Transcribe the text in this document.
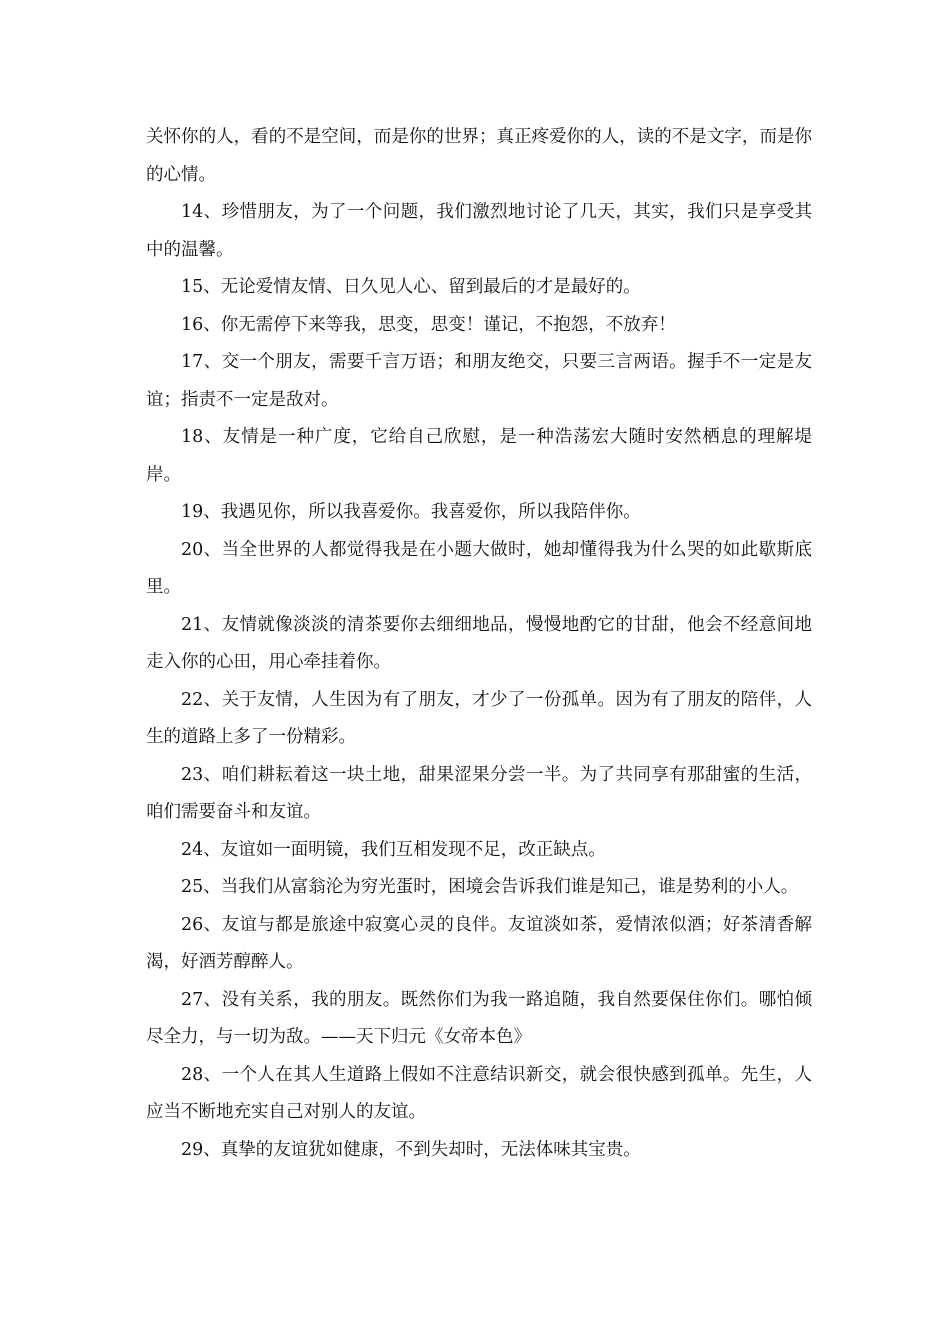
关怀你的人，看的不是空间，而是你的世界；真正疼爱你的人，读的不是文字，而是你的心情。

14、珍惜朋友，为了一个问题，我们激烈地讨论了几天，其实，我们只是享受其中的温馨。

15、无论爱情友情、日久见人心、留到最后的才是最好的。

16、你无需停下来等我，思变，思变！谨记，不抱怨，不放弃！

17、交一个朋友，需要千言万语；和朋友绝交，只要三言两语。握手不一定是友谊；指责不一定是敌对。

18、友情是一种广度，它给自己欣慰，是一种浩荡宏大随时安然栖息的理解堤岸。

19、我遇见你，所以我喜爱你。我喜爱你，所以我陪伴你。

20、当全世界的人都觉得我是在小题大做时，她却懂得我为什么哭的如此歇斯底里。

21、友情就像淡淡的清茶要你去细细地品，慢慢地酌它的甘甜，他会不经意间地走入你的心田，用心牵挂着你。

22、关于友情，人生因为有了朋友，才少了一份孤单。因为有了朋友的陪伴，人生的道路上多了一份精彩。

23、咱们耕耘着这一块土地，甜果涩果分尝一半。为了共同享有那甜蜜的生活，咱们需要奋斗和友谊。

24、友谊如一面明镜，我们互相发现不足，改正缺点。

25、当我们从富翁沦为穷光蛋时，困境会告诉我们谁是知己，谁是势利的小人。

26、友谊与都是旅途中寂寞心灵的良伴。友谊淡如茶，爱情浓似酒；好茶清香解渴，好酒芳醇醉人。

27、没有关系，我的朋友。既然你们为我一路追随，我自然要保住你们。哪怕倾尽全力，与一切为敌。——天下归元《女帝本色》

28、一个人在其人生道路上假如不注意结识新交，就会很快感到孤单。先生，人应当不断地充实自己对别人的友谊。

29、真挚的友谊犹如健康，不到失却时，无法体味其宝贵。
